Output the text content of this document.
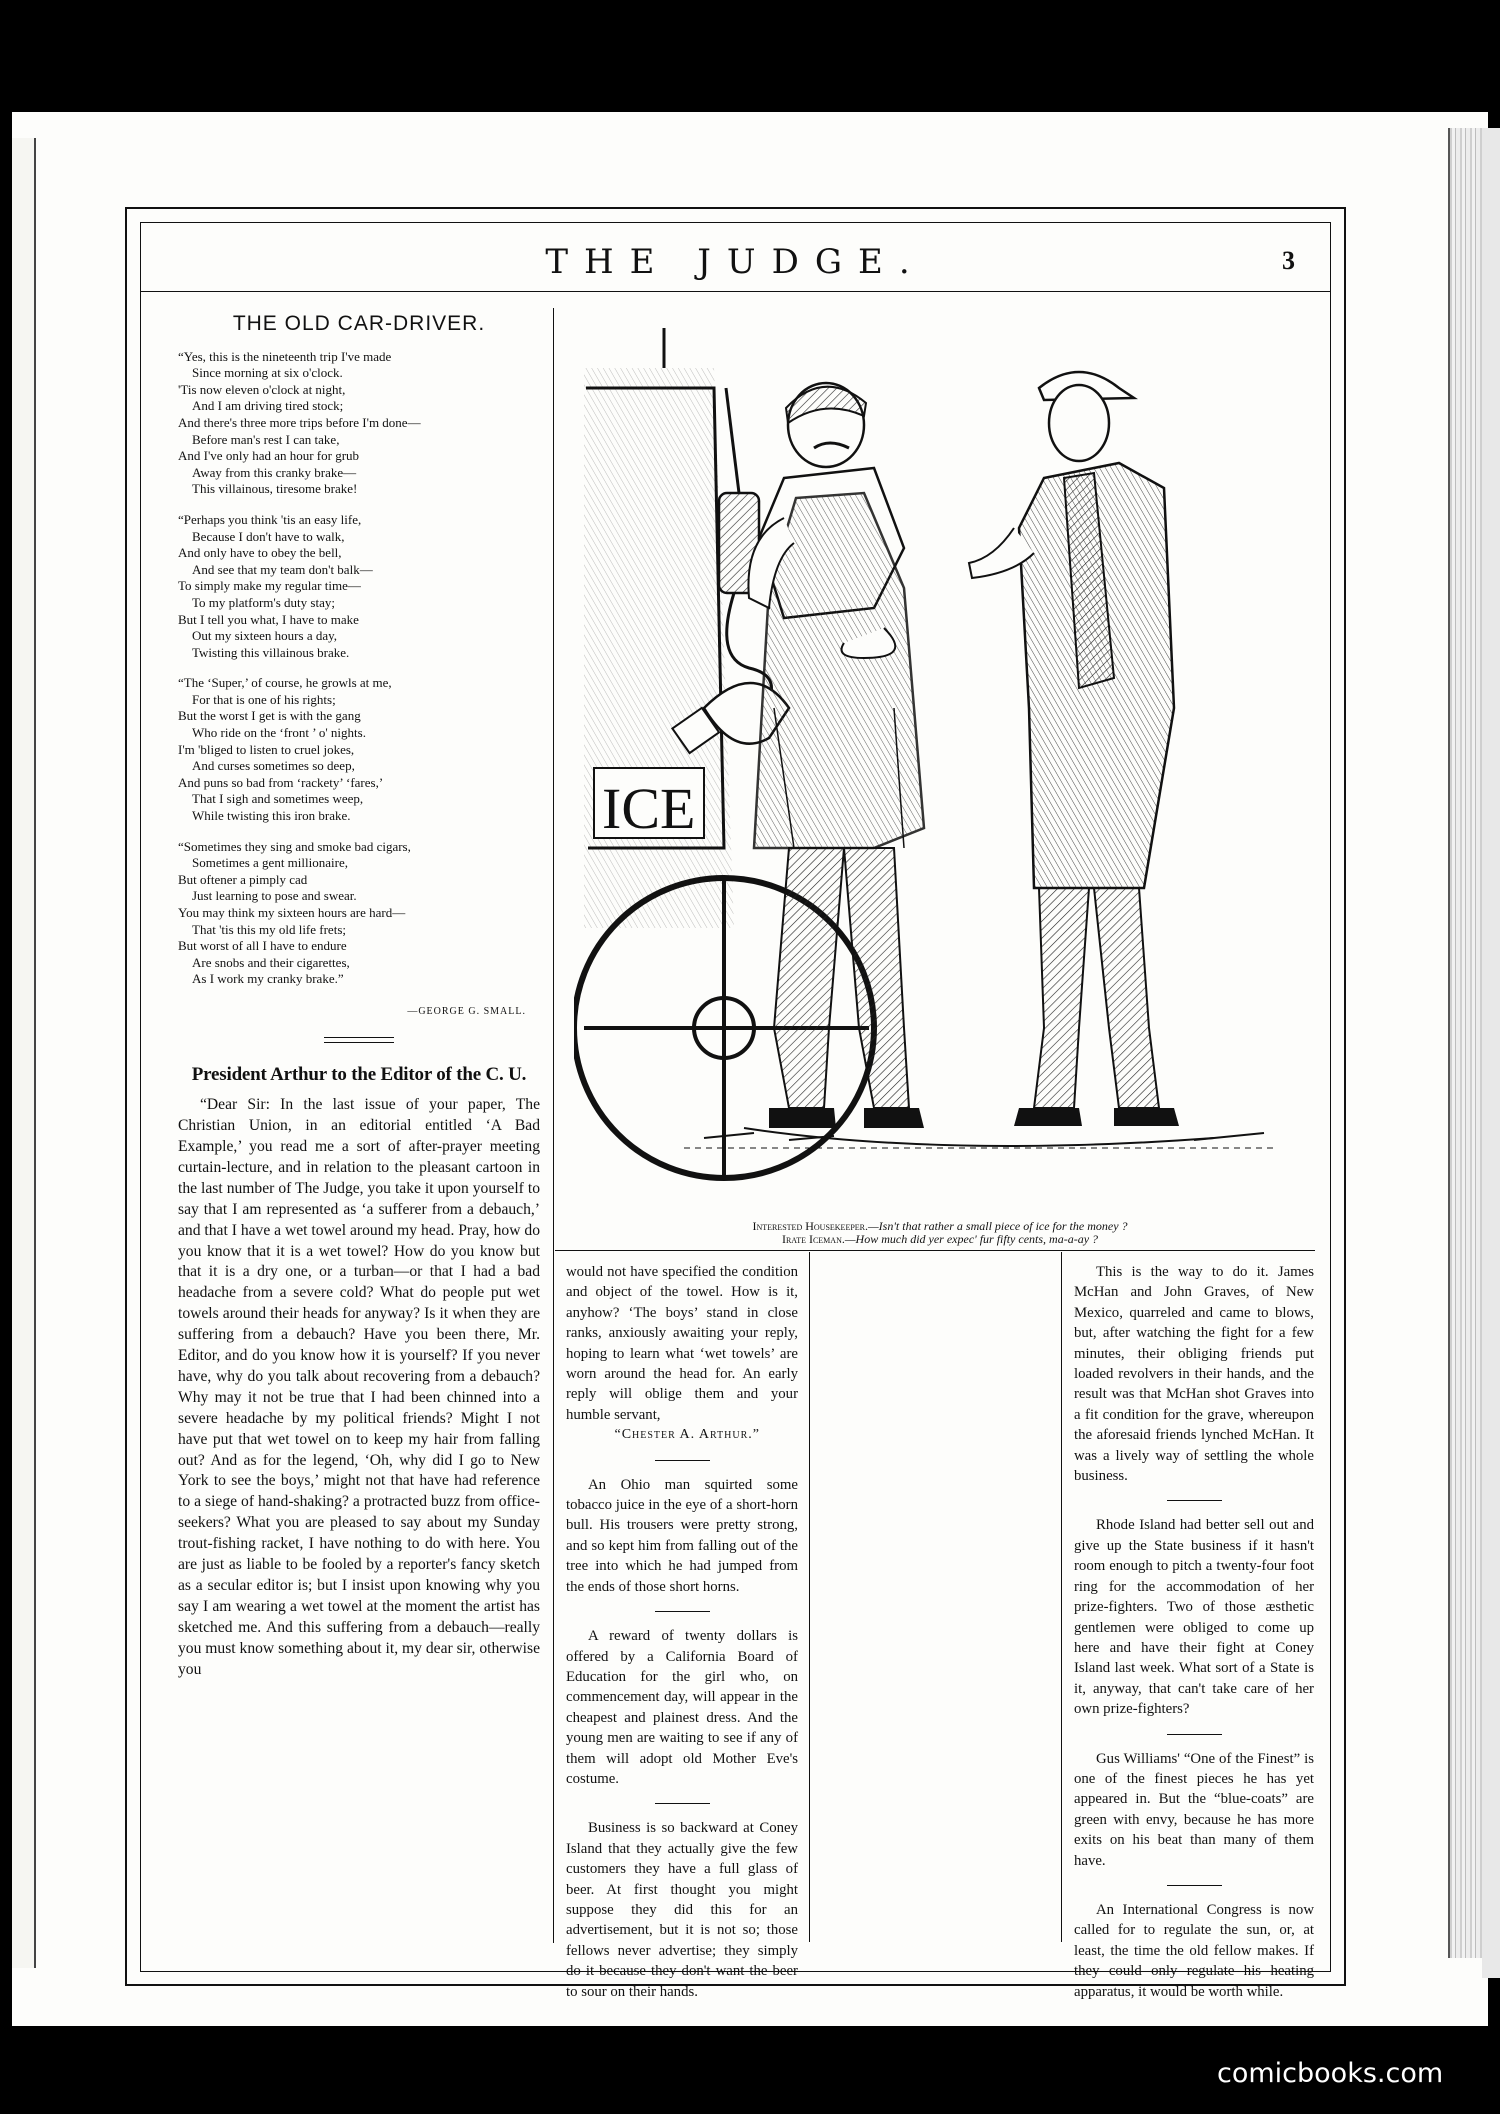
THE JUDGE.	3
THE OLD CAR-DRIVER.
“Yes, this is the nineteenth trip I've made
Since morning at six o'clock.
'Tis now eleven o'clock at night,
And I am driving tired stock;
And there's three more trips before I'm done—
Before man's rest I can take,
And I've only had an hour for grub
Away from this cranky brake—
This villainous, tiresome brake!
“Perhaps you think 'tis an easy life,
Because I don't have to walk,
And only have to obey the bell,
And see that my team don't balk—
To simply make my regular time—
To my platform's duty stay;
But I tell you what, I have to make
Out my sixteen hours a day,
Twisting this villainous brake.
“The ‘Super,’ of course, he growls at me,
For that is one of his rights;
But the worst I get is with the gang
Who ride on the ‘front ’ o' nights.
I'm 'bliged to listen to cruel jokes,
And curses sometimes so deep,
And puns so bad from ‘rackety’ ‘fares,’
That I sigh and sometimes weep,
While twisting this iron brake.
“Sometimes they sing and smoke bad cigars,
Sometimes a gent millionaire,
But oftener a pimply cad
Just learning to pose and swear.
You may think my sixteen hours are hard—
That 'tis this my old life frets;
But worst of all I have to endure
Are snobs and their cigarettes,
As I work my cranky brake.”
—GEORGE G. SMALL.
President Arthur to the Editor of the C. U.

“Dear Sir: In the last issue of your paper, The Christian Union, in an editorial entitled ‘A Bad Example,’ you read me a sort of after-prayer meeting curtain-lecture, and in relation to the pleasant cartoon in the last number of The Judge, you take it upon yourself to say that I am represented as ‘a sufferer from a debauch,’ and that I have a wet towel around my head. Pray, how do you know that it is a wet towel? How do you know but that it is a dry one, or a turban—or that I had a bad headache from a severe cold? What do people put wet towels around their heads for anyway? Is it when they are suffering from a debauch? Have you been there, Mr. Editor, and do you know how it is yourself? If you never have, why do you talk about recovering from a debauch? Why may it not be true that I had been chinned into a severe headache by my political friends? Might I not have put that wet towel on to keep my hair from falling out? And as for the legend, ‘Oh, why did I go to New York to see the boys,’ might not that have had reference to a siege of hand-shaking? a protracted buzz from office-seekers? What you are pleased to say about my Sunday trout-fishing racket, I have nothing to do with here. You are just as liable to be fooled by a reporter's fancy sketch as a secular editor is; but I insist upon knowing why you say I am wearing a wet towel at the moment the artist has sketched me. And this suffering from a debauch—really you must know something about it, my dear sir, otherwise you

ICE
Interested Housekeeper.—Isn't that rather a small piece of ice for the money ?
Irate Iceman.—How much did yer expec' fur fifty cents, ma-a-ay ?

would not have specified the condition and object of the towel. How is it, anyhow? ‘The boys’ stand in close ranks, anxiously awaiting your reply, hoping to learn what ‘wet towels’ are worn around the head for. An early reply will oblige them and your humble servant,

“Chester A. Arthur.”

An Ohio man squirted some tobacco juice in the eye of a short-horn bull. His trousers were pretty strong, and so kept him from falling out of the tree into which he had jumped from the ends of those short horns.

A reward of twenty dollars is offered by a California Board of Education for the girl who, on commencement day, will appear in the cheapest and plainest dress. And the young men are waiting to see if any of them will adopt old Mother Eve's costume.

Business is so backward at Coney Island that they actually give the few customers they have a full glass of beer. At first thought you might suppose they did this for an advertisement, but it is not so; those fellows never advertise; they simply do it because they don't want the beer to sour on their hands.

This is the way to do it. James McHan and John Graves, of New Mexico, quarreled and came to blows, but, after watching the fight for a few minutes, their obliging friends put loaded revolvers in their hands, and the result was that McHan shot Graves into a fit condition for the grave, whereupon the aforesaid friends lynched McHan. It was a lively way of settling the whole business.

Rhode Island had better sell out and give up the State business if it hasn't room enough to pitch a twenty-four foot ring for the accommodation of her prize-fighters. Two of those æsthetic gentlemen were obliged to come up here and have their fight at Coney Island last week. What sort of a State is it, anyway, that can't take care of her own prize-fighters?

Gus Williams' “One of the Finest” is one of the finest pieces he has yet appeared in. But the “blue-coats” are green with envy, because he has more exits on his beat than many of them have.

An International Congress is now called for to regulate the sun, or, at least, the time the old fellow makes. If they could only regulate his heating apparatus, it would be worth while.

comicbooks.com
